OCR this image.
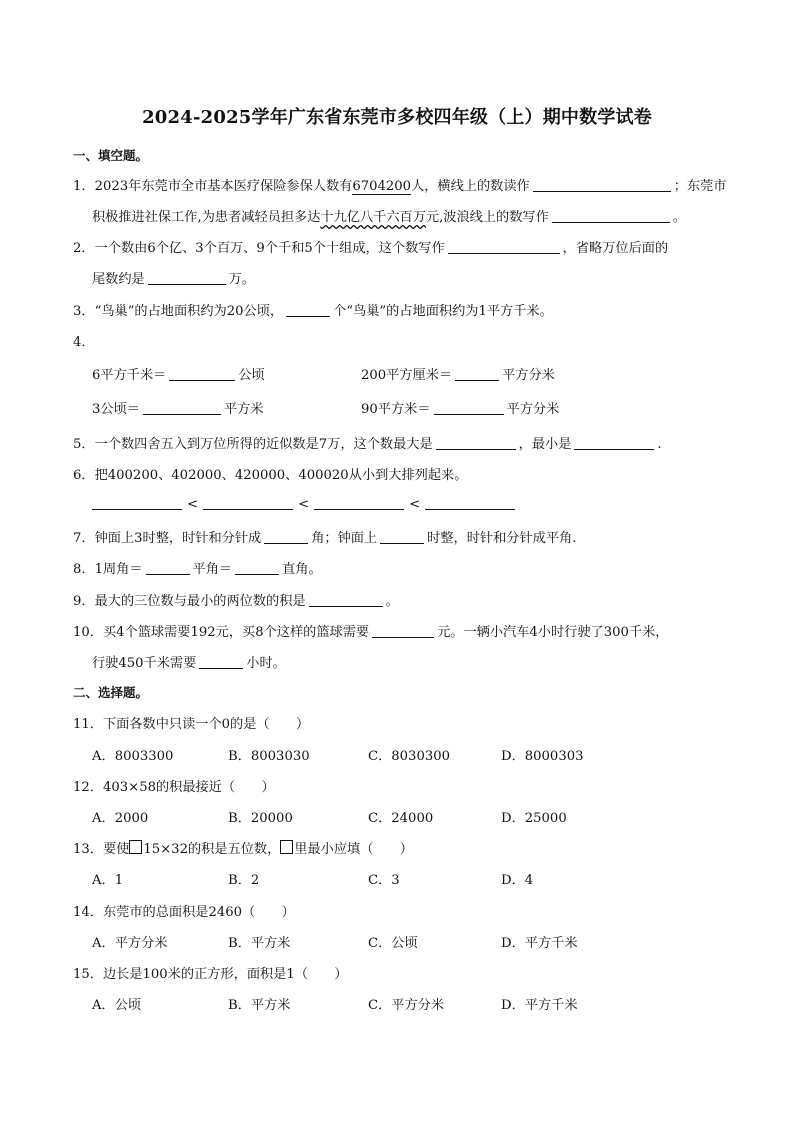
2024-2025学年广东省东莞市多校四年级（上）期中数学试卷
一、填空题。
1．2023年东莞市全市基本医疗保险参保人数有6704200人，横线上的数读作	；东莞市
积极推进社保工作,为患者减轻员担多达十九亿八千六百万元,波浪线上的数写作	。
2．一个数由6个亿、3个百万、9个千和5个十组成，这个数写作	，省略万位后面的
尾数约是	万。
3．“鸟巢”的占地面积约为20公顷，	个“鸟巢”的占地面积约为1平方千米。
4．
6平方千米＝	公顷	200平方厘米＝	平方分米
3公顷＝	平方米	90平方米＝	平方分米
5．一个数四舍五入到万位所得的近似数是7万，这个数最大是	，最小是	.
6．把400200、402000、420000、400020从小到大排列起来。
<	<	<
7．钟面上3时整，时针和分针成	角；钟面上	时整，时针和分针成平角.
8．1周角＝	平角＝	直角。
9．最大的三位数与最小的两位数的积是	。
10．买4个篮球需要192元，买8个这样的篮球需要	元。一辆小汽车4小时行驶了300千米，
行驶450千米需要	小时。
二、选择题。
11．下面各数中只读一个0的是（　　）
A．8003300	B．8003030	C．8030300	D．8000303
12．403×58的积最接近（　　）
A．2000	B．20000	C．24000	D．25000
13．要使 15×32的积是五位数， 里最小应填（　　）
A．1	B．2	C．3	D．4
14．东莞市的总面积是2460（　　）
A．平方分米	B．平方米	C．公顷	D．平方千米
15．边长是100米的正方形，面积是1（　　）
A．公顷	B．平方米	C．平方分米	D．平方千米
